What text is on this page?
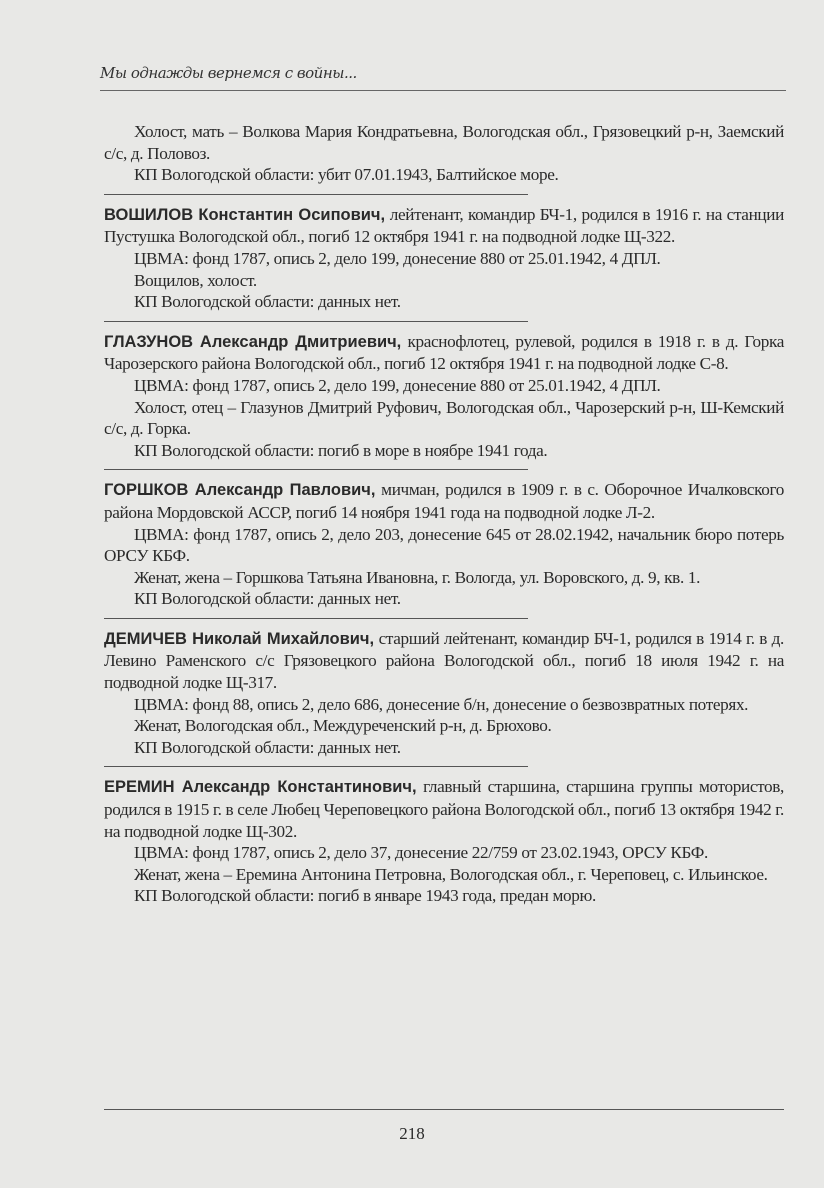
Мы однажды вернемся с войны...

Холост, мать – Волкова Мария Кондратьевна, Вологодская обл., Грязовецкий р-н, Заемский с/с, д. Половоз.

КП Вологодской области: убит 07.01.1943, Балтийское море.

ВОШИЛОВ Константин Осипович, лейтенант, командир БЧ-1, родился в 1916 г. на станции Пустушка Вологодской обл., погиб 12 октября 1941 г. на подводной лодке Щ-322.

ЦВМА: фонд 1787, опись 2, дело 199, донесение 880 от 25.01.1942, 4 ДПЛ.

Вощилов, холост.

КП Вологодской области: данных нет.

ГЛАЗУНОВ Александр Дмитриевич, краснофлотец, рулевой, родился в 1918 г. в д. Горка Чарозерского района Вологодской обл., погиб 12 октября 1941 г. на подводной лодке С-8.

ЦВМА: фонд 1787, опись 2, дело 199, донесение 880 от 25.01.1942, 4 ДПЛ.

Холост, отец – Глазунов Дмитрий Руфович, Вологодская обл., Чарозерский р-н, Ш-Кемский с/с, д. Горка.

КП Вологодской области: погиб в море в ноябре 1941 года.

ГОРШКОВ Александр Павлович, мичман, родился в 1909 г. в с. Оборочное Ичалковского района Мордовской АССР, погиб 14 ноября 1941 года на подводной лодке Л-2.

ЦВМА: фонд 1787, опись 2, дело 203, донесение 645 от 28.02.1942, начальник бюро потерь ОРСУ КБФ.

Женат, жена – Горшкова Татьяна Ивановна, г. Вологда, ул. Воровского, д. 9, кв. 1.

КП Вологодской области: данных нет.

ДЕМИЧЕВ Николай Михайлович, старший лейтенант, командир БЧ-1, родился в 1914 г. в д. Левино Раменского с/с Грязовецкого района Вологодской обл., погиб 18 июля 1942 г. на подводной лодке Щ-317.

ЦВМА: фонд 88, опись 2, дело 686, донесение б/н, донесение о безвозвратных потерях.

Женат, Вологодская обл., Междуреченский р-н, д. Брюхово.

КП Вологодской области: данных нет.

ЕРЕМИН Александр Константинович, главный старшина, старшина группы мотористов, родился в 1915 г. в селе Любец Череповецкого района Вологодской обл., погиб 13 октября 1942 г. на подводной лодке Щ-302.

ЦВМА: фонд 1787, опись 2, дело 37, донесение 22/759 от 23.02.1943, ОРСУ КБФ.

Женат, жена – Еремина Антонина Петровна, Вологодская обл., г. Череповец, с. Ильинское.

КП Вологодской области: погиб в январе 1943 года, предан морю.

218
